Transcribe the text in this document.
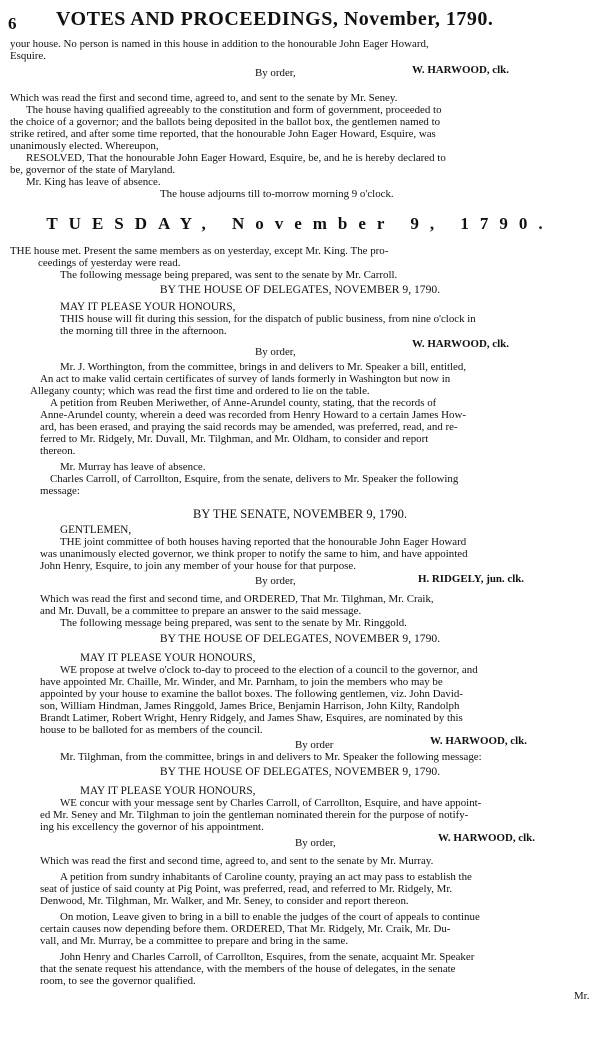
6 VOTES AND PROCEEDINGS, November, 1790.
your house. No person is named in this house in addition to the honourable John Eager Howard,
Esquire.
By order,	W. HARWOOD, clk.
Which was read the first and second time, agreed to, and sent to the senate by Mr. Seney.
The house having qualified agreeably to the constitution and form of government, proceeded to
the choice of a governor; and the ballots being deposited in the ballot box, the gentlemen named to
strike retired, and after some time reported, that the honourable John Eager Howard, Esquire, was
unanimously elected. Whereupon,
RESOLVED, That the honourable John Eager Howard, Esquire, be, and he is hereby declared to
be, governor of the state of Maryland.
Mr. King has leave of absence.
The house adjourns till to-morrow morning 9 o'clock.
TUESDAY, November 9, 1790.
THE house met. Present the same members as on yesterday, except Mr. King. The pro-
ceedings of yesterday were read.
The following message being prepared, was sent to the senate by Mr. Carroll.
BY THE HOUSE OF DELEGATES, NOVEMBER 9, 1790.
MAY IT PLEASE YOUR HONOURS,
THIS house will fit during this session, for the dispatch of public business, from nine o'clock in
the morning till three in the afternoon.
W. HARWOOD, clk.
By order,
Mr. J. Worthington, from the committee, brings in and delivers to Mr. Speaker a bill, entitled,
An act to make valid certain certificates of survey of lands formerly in Washington but now in
Allegany county; which was read the first time and ordered to lie on the table.
A petition from Reuben Meriwether, of Anne-Arundel county, stating, that the records of
Anne-Arundel county, wherein a deed was recorded from Henry Howard to a certain James How-
ard, has been erased, and praying the said records may be amended, was preferred, read, and re-
ferred to Mr. Ridgely, Mr. Duvall, Mr. Tilghman, and Mr. Oldham, to consider and report
thereon.
Mr. Murray has leave of absence.
Charles Carroll, of Carrollton, Esquire, from the senate, delivers to Mr. Speaker the following
message:
BY THE SENATE, NOVEMBER 9, 1790.
GENTLEMEN,
THE joint committee of both houses having reported that the honourable John Eager Howard
was unanimously elected governor, we think proper to notify the same to him, and have appointed
John Henry, Esquire, to join any member of your house for that purpose.
By order,	H. RIDGELY, jun. clk.
Which was read the first and second time, and ORDERED, That Mr. Tilghman, Mr. Craik,
and Mr. Duvall, be a committee to prepare an answer to the said message.
The following message being prepared, was sent to the senate by Mr. Ringgold.
BY THE HOUSE OF DELEGATES, NOVEMBER 9, 1790.
MAY IT PLEASE YOUR HONOURS,
WE propose at twelve o'clock to-day to proceed to the election of a council to the governor, and
have appointed Mr. Chaille, Mr. Winder, and Mr. Parnham, to join the members who may be
appointed by your house to examine the ballot boxes. The following gentlemen, viz. John David-
son, William Hindman, James Ringgold, James Brice, Benjamin Harrison, John Kilty, Randolph
Brandt Latimer, Robert Wright, Henry Ridgely, and James Shaw, Esquires, are nominated by this
house to be balloted for as members of the council.
By order	W. HARWOOD, clk.
Mr. Tilghman, from the committee, brings in and delivers to Mr. Speaker the following message:
BY THE HOUSE OF DELEGATES, NOVEMBER 9, 1790.
MAY IT PLEASE YOUR HONOURS,
WE concur with your message sent by Charles Carroll, of Carrollton, Esquire, and have appoint-
ed Mr. Seney and Mr. Tilghman to join the gentleman nominated therein for the purpose of notify-
ing his excellency the governor of his appointment.
By order,	W. HARWOOD, clk.
Which was read the first and second time, agreed to, and sent to the senate by Mr. Murray.
A petition from sundry inhabitants of Caroline county, praying an act may pass to establish the
seat of justice of said county at Pig Point, was preferred, read, and referred to Mr. Ridgely, Mr.
Denwood, Mr. Tilghman, Mr. Walker, and Mr. Seney, to consider and report thereon.
On motion, Leave given to bring in a bill to enable the judges of the court of appeals to continue
certain causes now depending before them. ORDERED, That Mr. Ridgely, Mr. Craik, Mr. Du-
vall, and Mr. Murray, be a committee to prepare and bring in the same.
John Henry and Charles Carroll, of Carrollton, Esquires, from the senate, acquaint Mr. Speaker
that the senate request his attendance, with the members of the house of delegates, in the senate
room, to see the governor qualified.
Mr.
